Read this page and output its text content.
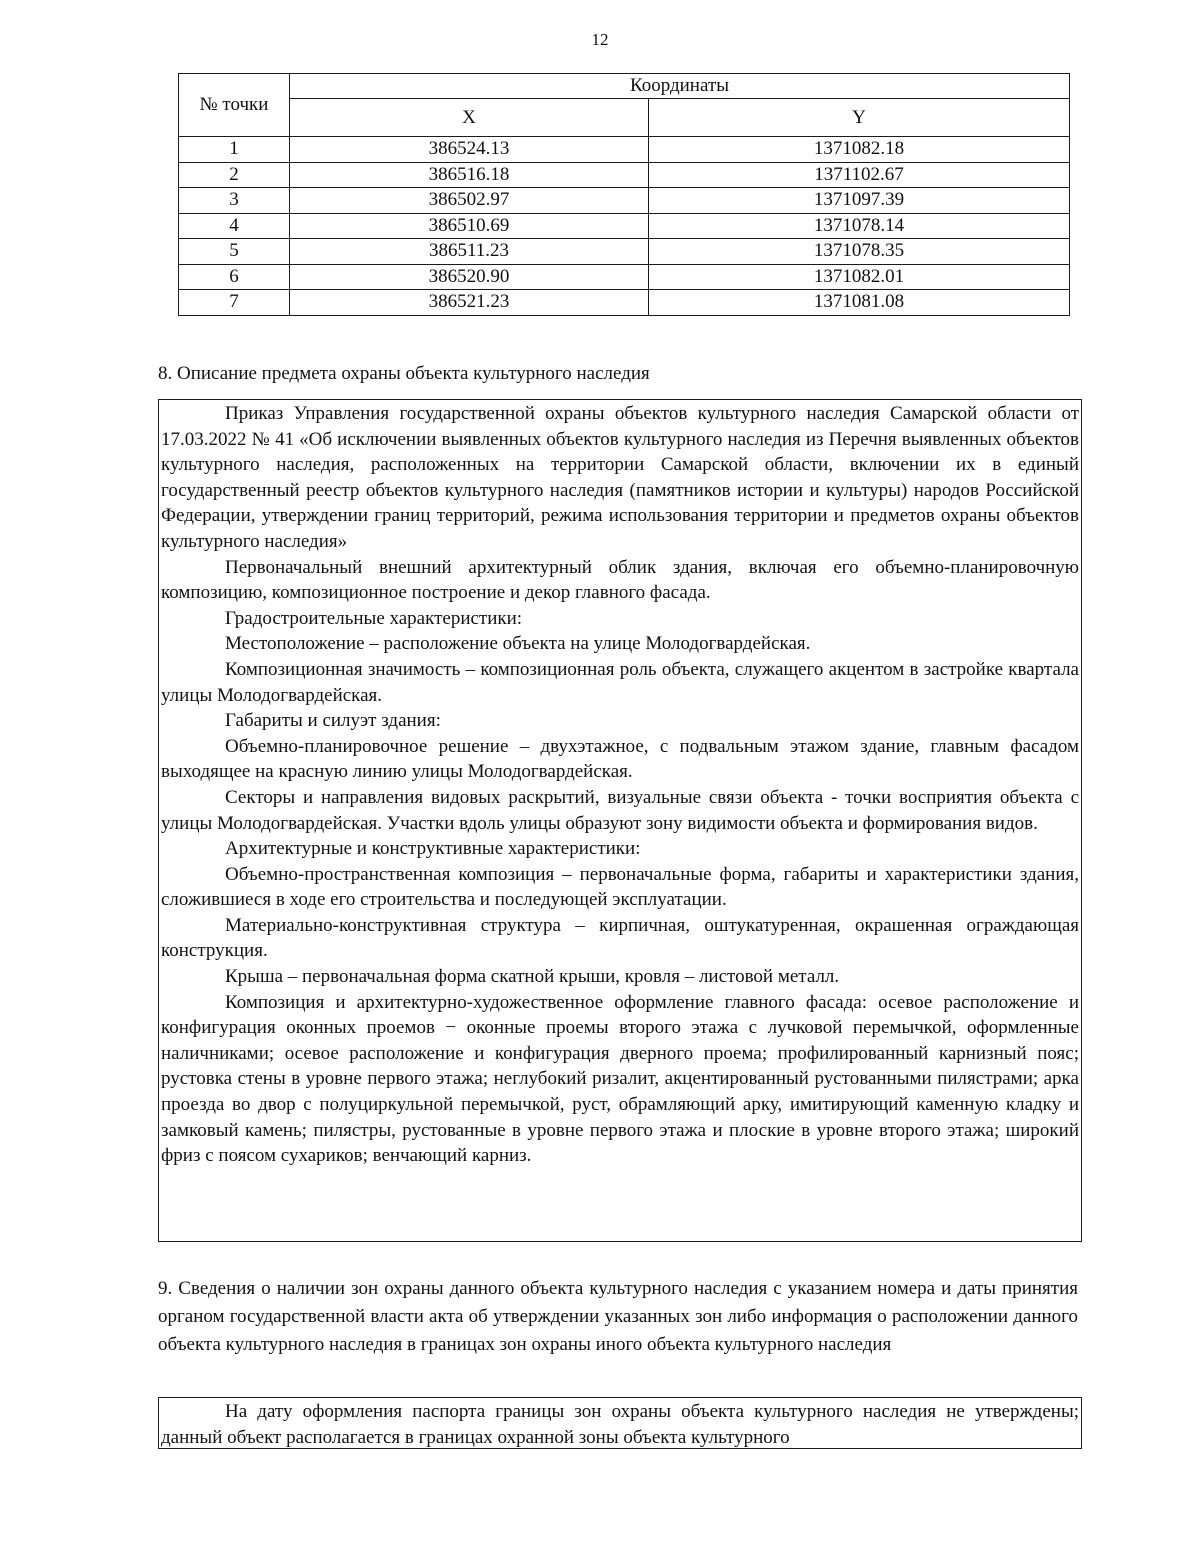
12
№ точки	Координаты	
	X	Y
1	386524.13	1371082.18
2	386516.18	1371102.67
3	386502.97	1371097.39
4	386510.69	1371078.14
5	386511.23	1371078.35
6	386520.90	1371082.01
7	386521.23	1371081.08
8. Описание предмета охраны объекта культурного наследия

Приказ Управления государственной охраны объектов культурного наследия Самарской области от 17.03.2022 № 41 «Об исключении выявленных объектов культурного наследия из Перечня выявленных объектов культурного наследия, расположенных на территории Самарской области, включении их в единый государственный реестр объектов культурного наследия (памятников истории и культуры) народов Российской Федерации, утверждении границ территорий, режима использования территории и предметов охраны объектов культурного наследия»

Первоначальный внешний архитектурный облик здания, включая его объемно-планировочную композицию, композиционное построение и декор главного фасада.

Градостроительные характеристики:

Местоположение – расположение объекта на улице Молодогвардейская.

Композиционная значимость – композиционная роль объекта, служащего акцентом в застройке квартала улицы Молодогвардейская.

Габариты и силуэт здания:

Объемно-планировочное решение – двухэтажное, с подвальным этажом здание, главным фасадом выходящее на красную линию улицы Молодогвардейская.

Секторы и направления видовых раскрытий, визуальные связи объекта - точки восприятия объекта с улицы Молодогвардейская. Участки вдоль улицы образуют зону видимости объекта и формирования видов.

Архитектурные и конструктивные характеристики:

Объемно-пространственная композиция – первоначальные форма, габариты и характеристики здания, сложившиеся в ходе его строительства и последующей эксплуатации.

Материально-конструктивная структура – кирпичная, оштукатуренная, окрашенная ограждающая конструкция.

Крыша – первоначальная форма скатной крыши, кровля – листовой металл.

Композиция и архитектурно-художественное оформление главного фасада: осевое расположение и конфигурация оконных проемов − оконные проемы второго этажа с лучковой перемычкой, оформленные наличниками; осевое расположение и конфигурация дверного проема; профилированный карнизный пояс; рустовка стены в уровне первого этажа; неглубокий ризалит, акцентированный рустованными пилястрами; арка проезда во двор с полуциркульной перемычкой, руст, обрамляющий арку, имитирующий каменную кладку и замковый камень; пилястры, рустованные в уровне первого этажа и плоские в уровне второго этажа; широкий фриз с поясом сухариков; венчающий карниз.

9. Сведения о наличии зон охраны данного объекта культурного наследия с указанием номера и даты принятия органом государственной власти акта об утверждении указанных зон либо информация о расположении данного объекта культурного наследия в границах зон охраны иного объекта культурного наследия

На дату оформления паспорта границы зон охраны объекта культурного наследия не утверждены; данный объект располагается в границах охранной зоны объекта культурного
